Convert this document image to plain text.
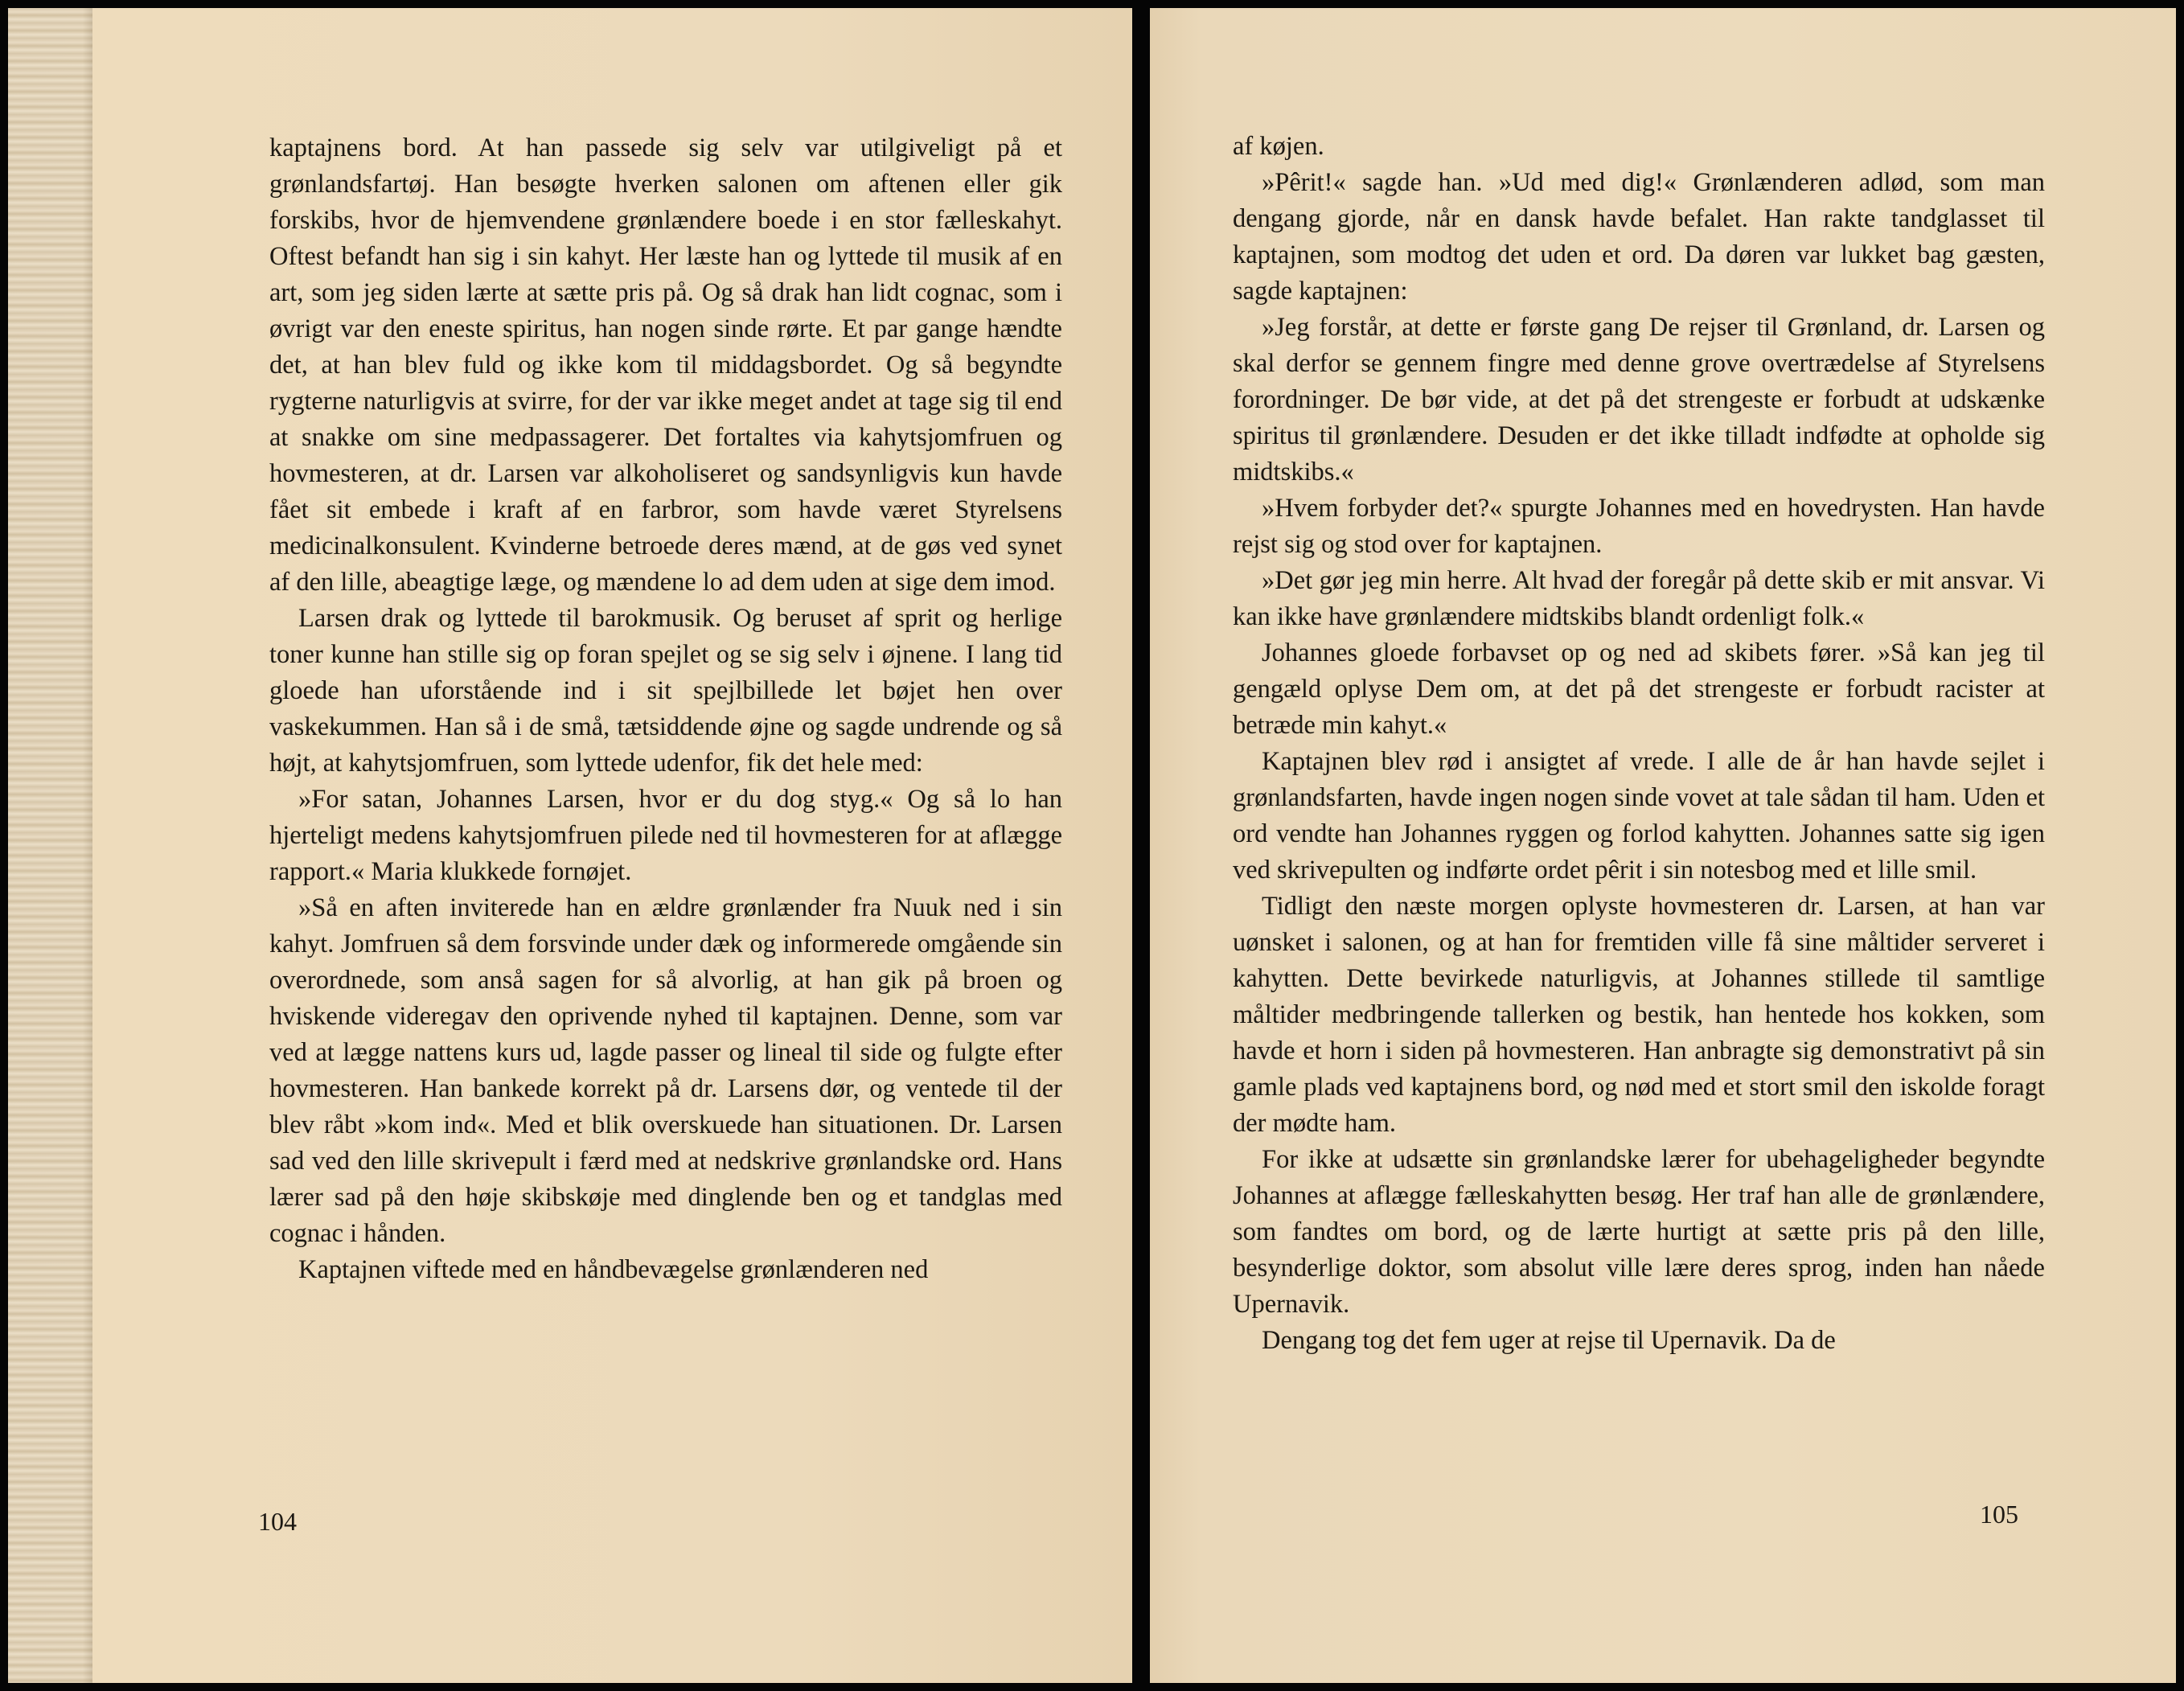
kaptajnens bord. At han passede sig selv var utilgiveligt på et grønlandsfartøj. Han besøgte hverken salonen om aftenen eller gik forskibs, hvor de hjemvendene grønlændere boede i en stor fælleskahyt. Oftest befandt han sig i sin kahyt. Her læste han og lyttede til musik af en art, som jeg siden lærte at sætte pris på. Og så drak han lidt cognac, som i øvrigt var den eneste spiritus, han nogen sinde rørte. Et par gange hændte det, at han blev fuld og ikke kom til middagsbordet. Og så begyndte rygterne naturligvis at svirre, for der var ikke meget andet at tage sig til end at snakke om sine medpassagerer. Det fortaltes via kahytsjomfruen og hovmesteren, at dr. Larsen var alkoholiseret og sandsynligvis kun havde fået sit embede i kraft af en farbror, som havde været Styrelsens medicinalkonsulent. Kvinderne betroede deres mænd, at de gøs ved synet af den lille, abeagtige læge, og mændene lo ad dem uden at sige dem imod.

Larsen drak og lyttede til barokmusik. Og beruset af sprit og herlige toner kunne han stille sig op foran spejlet og se sig selv i øjnene. I lang tid gloede han uforstående ind i sit spejlbillede let bøjet hen over vaskekummen. Han så i de små, tætsiddende øjne og sagde undrende og så højt, at kahytsjomfruen, som lyttede udenfor, fik det hele med:

»For satan, Johannes Larsen, hvor er du dog styg.« Og så lo han hjerteligt medens kahytsjomfruen pilede ned til hovmesteren for at aflægge rapport.« Maria klukkede fornøjet.

»Så en aften inviterede han en ældre grønlænder fra Nuuk ned i sin kahyt. Jomfruen så dem forsvinde under dæk og informerede omgående sin overordnede, som anså sagen for så alvorlig, at han gik på broen og hviskende videregav den oprivende nyhed til kaptajnen. Denne, som var ved at lægge nattens kurs ud, lagde passer og lineal til side og fulgte efter hovmesteren. Han bankede korrekt på dr. Larsens dør, og ventede til der blev råbt »kom ind«. Med et blik overskuede han situationen. Dr. Larsen sad ved den lille skrivepult i færd med at nedskrive grønlandske ord. Hans lærer sad på den høje skibskøje med dinglende ben og et tandglas med cognac i hånden.

Kaptajnen viftede med en håndbevægelse grønlænderen ned

104

af køjen.

»Pêrit!« sagde han. »Ud med dig!« Grønlænderen adlød, som man dengang gjorde, når en dansk havde befalet. Han rakte tandglasset til kaptajnen, som modtog det uden et ord. Da døren var lukket bag gæsten, sagde kaptajnen:

»Jeg forstår, at dette er første gang De rejser til Grønland, dr. Larsen og skal derfor se gennem fingre med denne grove overtrædelse af Styrelsens forordninger. De bør vide, at det på det strengeste er forbudt at udskænke spiritus til grønlændere. Desuden er det ikke tilladt indfødte at opholde sig midtskibs.«

»Hvem forbyder det?« spurgte Johannes med en hovedrysten. Han havde rejst sig og stod over for kaptajnen.

»Det gør jeg min herre. Alt hvad der foregår på dette skib er mit ansvar. Vi kan ikke have grønlændere midtskibs blandt ordenligt folk.«

Johannes gloede forbavset op og ned ad skibets fører. »Så kan jeg til gengæld oplyse Dem om, at det på det strengeste er forbudt racister at betræde min kahyt.«

Kaptajnen blev rød i ansigtet af vrede. I alle de år han havde sejlet i grønlandsfarten, havde ingen nogen sinde vovet at tale sådan til ham. Uden et ord vendte han Johannes ryggen og forlod kahytten. Johannes satte sig igen ved skrivepulten og indførte ordet pêrit i sin notesbog med et lille smil.

Tidligt den næste morgen oplyste hovmesteren dr. Larsen, at han var uønsket i salonen, og at han for fremtiden ville få sine måltider serveret i kahytten. Dette bevirkede naturligvis, at Johannes stillede til samtlige måltider medbringende tallerken og bestik, han hentede hos kokken, som havde et horn i siden på hovmesteren. Han anbragte sig demonstrativt på sin gamle plads ved kaptajnens bord, og nød med et stort smil den iskolde foragt der mødte ham.

For ikke at udsætte sin grønlandske lærer for ubehageligheder begyndte Johannes at aflægge fælleskahytten besøg. Her traf han alle de grønlændere, som fandtes om bord, og de lærte hurtigt at sætte pris på den lille, besynderlige doktor, som absolut ville lære deres sprog, inden han nåede Upernavik.

Dengang tog det fem uger at rejse til Upernavik. Da de

105
